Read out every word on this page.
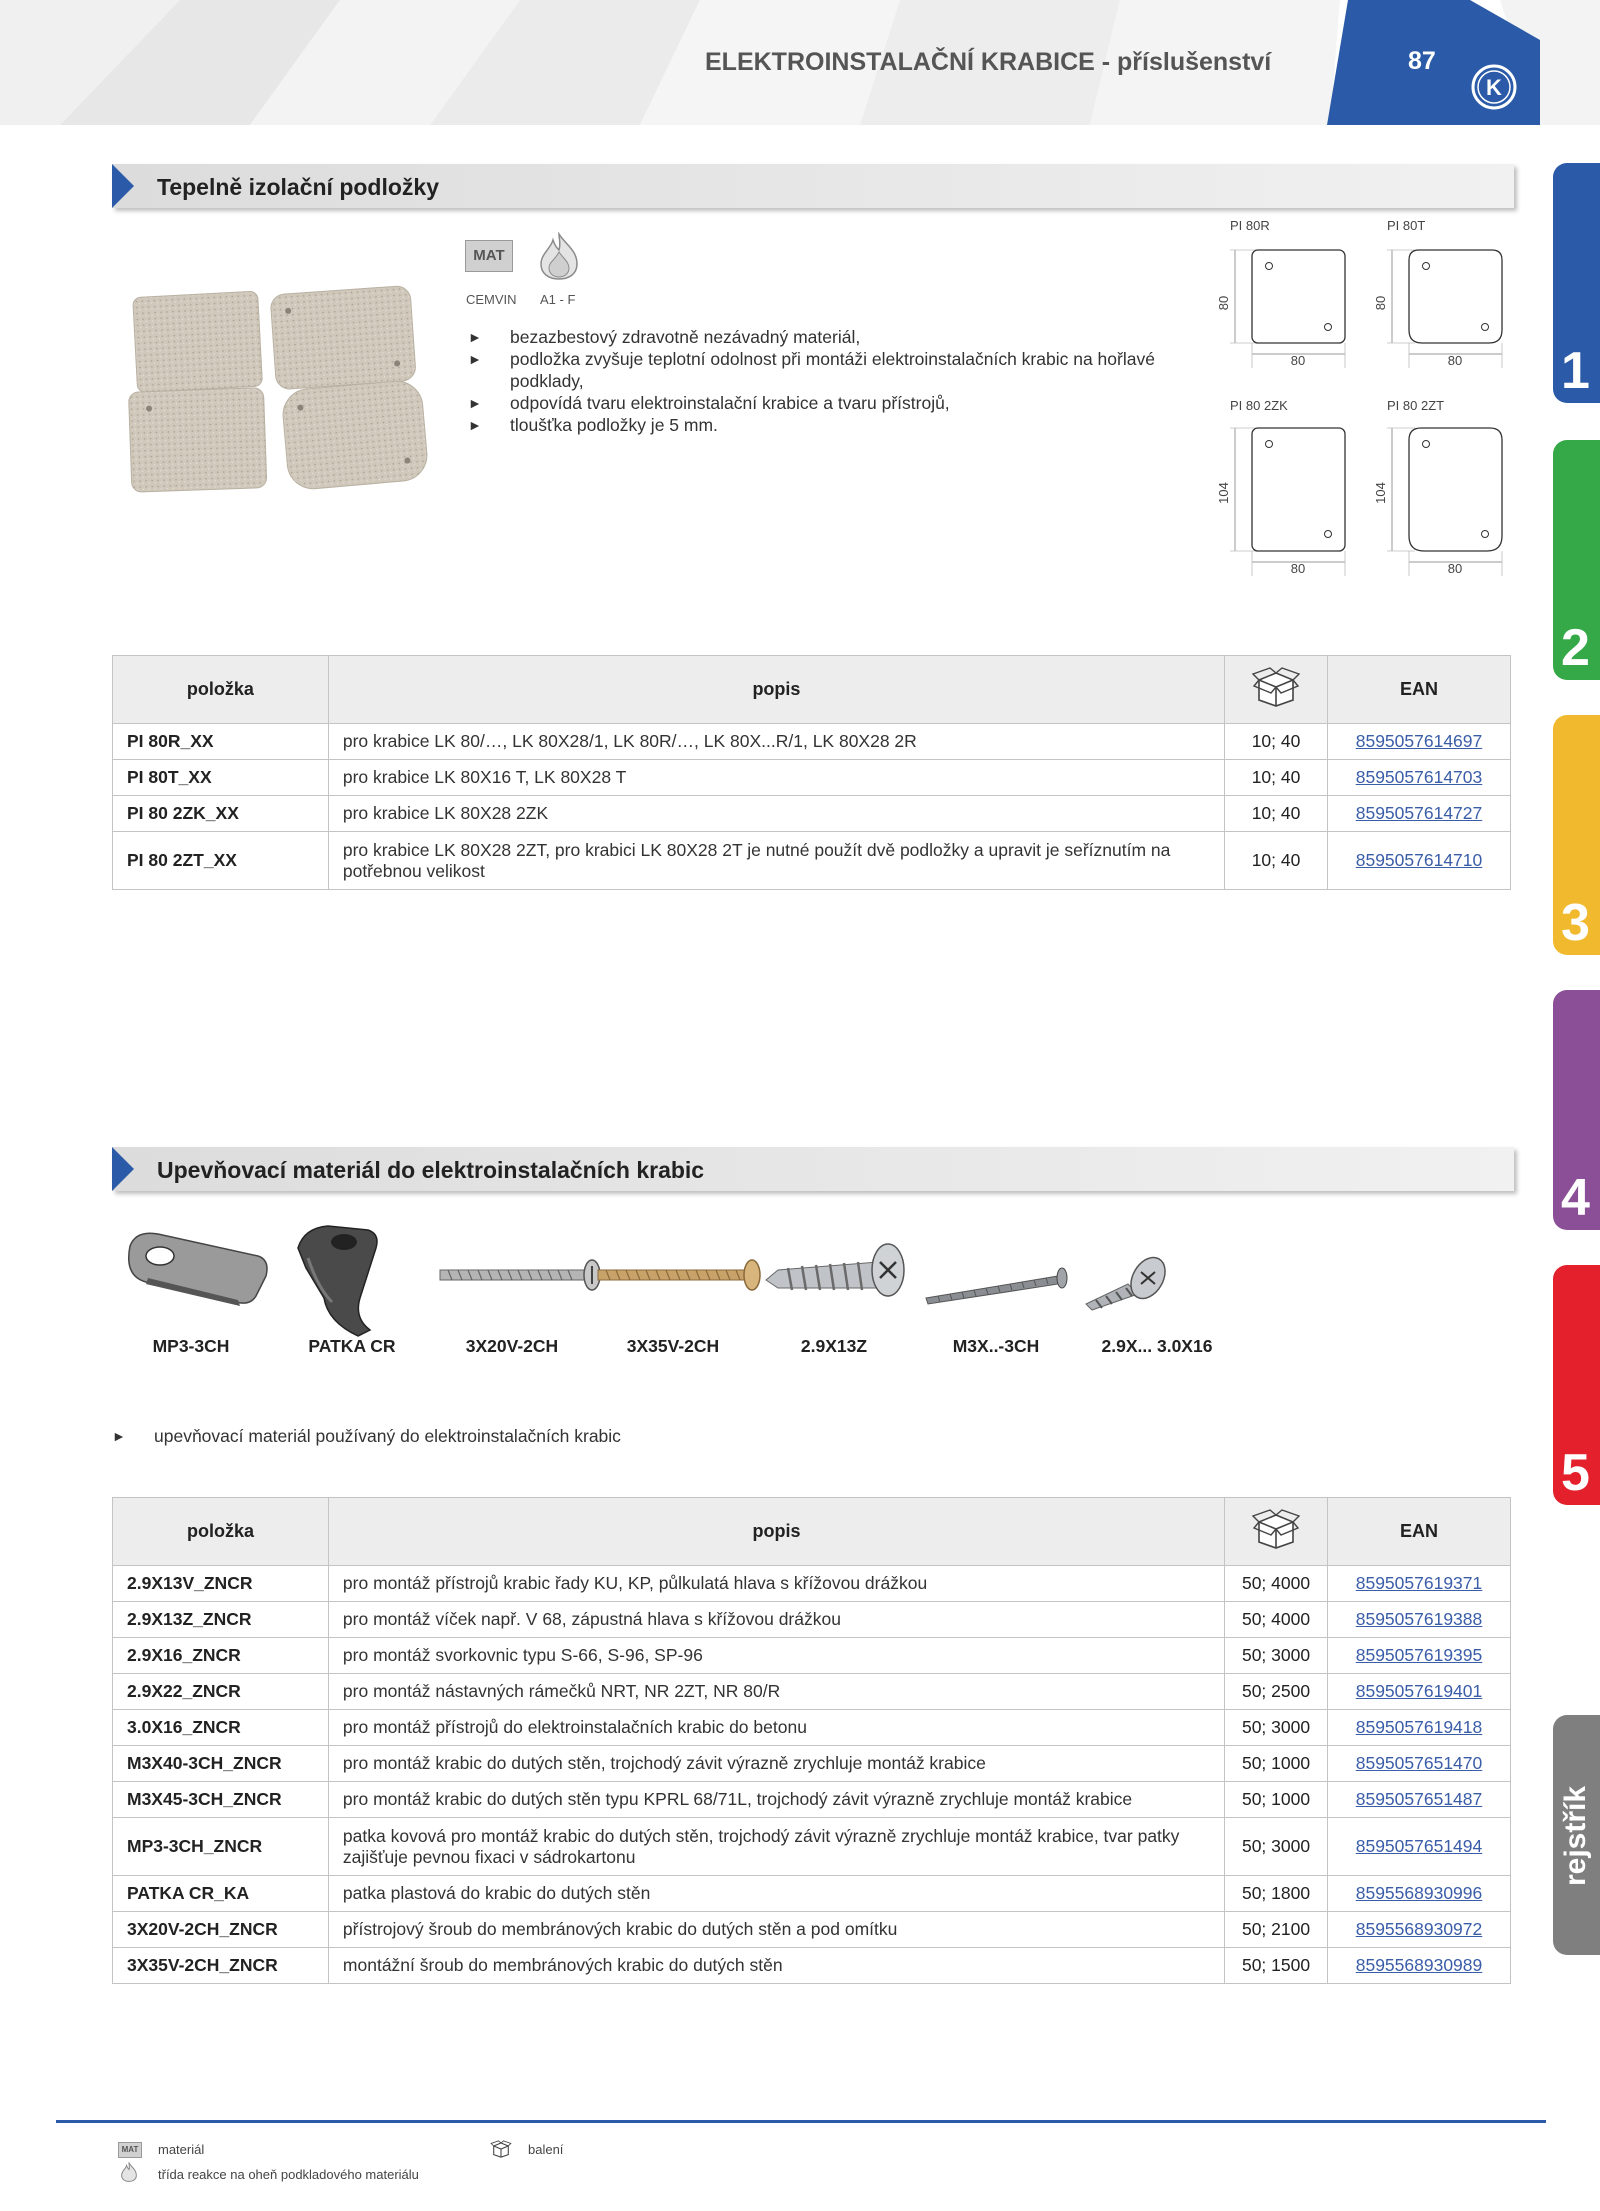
ELEKTROINSTALAČNÍ KRABICE - příslušenství	87
K
1
2
3
4
5
rejstřík
Tepelně izolační podložky
MAT
CEMVIN A1 - F
► bezazbestový zdravotně nezávadný materiál,
► podložka zvyšuje teplotní odolnost při montáži elektroinstalačních krabic na hořlavé podklady,
► odpovídá tvaru elektroinstalační krabice a tvaru přístrojů,
► tloušťka podložky je 5 mm.
PI 80R
80
80
PI 80T
80
80
PI 80 2ZK
104
80
PI 80 2ZT
104
80
položka	popis		EAN
PI 80R_XX	pro krabice LK 80/…, LK 80X28/1, LK 80R/…, LK 80X...R/1, LK 80X28 2R	10; 40	8595057614697
PI 80T_XX	pro krabice LK 80X16 T, LK 80X28 T	10; 40	8595057614703
PI 80 2ZK_XX	pro krabice LK 80X28 2ZK	10; 40	8595057614727
PI 80 2ZT_XX	pro krabice LK 80X28 2ZT, pro krabici LK 80X28 2T je nutné použít dvě podložky a upravit je seříznutím na potřebnou velikost	10; 40	8595057614710
Upevňovací materiál do elektroinstalačních krabic
MP3-3CH	PATKA CR	3X20V-2CH	3X35V-2CH	2.9X13Z	M3X..-3CH	2.9X... 3.0X16
► upevňovací materiál používaný do elektroinstalačních krabic
položka	popis		EAN
2.9X13V_ZNCR	pro montáž přístrojů krabic řady KU, KP, půlkulatá hlava s křížovou drážkou	50; 4000	8595057619371
2.9X13Z_ZNCR	pro montáž víček např. V 68, zápustná hlava s křížovou drážkou	50; 4000	8595057619388
2.9X16_ZNCR	pro montáž svorkovnic typu S-66, S-96, SP-96	50; 3000	8595057619395
2.9X22_ZNCR	pro montáž nástavných rámečků NRT, NR 2ZT, NR 80/R	50; 2500	8595057619401
3.0X16_ZNCR	pro montáž přístrojů do elektroinstalačních krabic do betonu	50; 3000	8595057619418
M3X40-3CH_ZNCR	pro montáž krabic do dutých stěn, trojchodý závit výrazně zrychluje montáž krabice	50; 1000	8595057651470
M3X45-3CH_ZNCR	pro montáž krabic do dutých stěn typu KPRL 68/71L, trojchodý závit výrazně zrychluje montáž krabice	50; 1000	8595057651487
MP3-3CH_ZNCR	patka kovová pro montáž krabic do dutých stěn, trojchodý závit výrazně zrychluje montáž krabice, tvar patky zajišťuje pevnou fixaci v sádrokartonu	50; 3000	8595057651494
PATKA CR_KA	patka plastová do krabic do dutých stěn	50; 1800	8595568930996
3X20V-2CH_ZNCR	přístrojový šroub do membránových krabic do dutých stěn a pod omítku	50; 2100	8595568930972
3X35V-2CH_ZNCR	montážní šroub do membránových krabic do dutých stěn	50; 1500	8595568930989
MAT materiál
třída reakce na oheň podkladového materiálu
balení
